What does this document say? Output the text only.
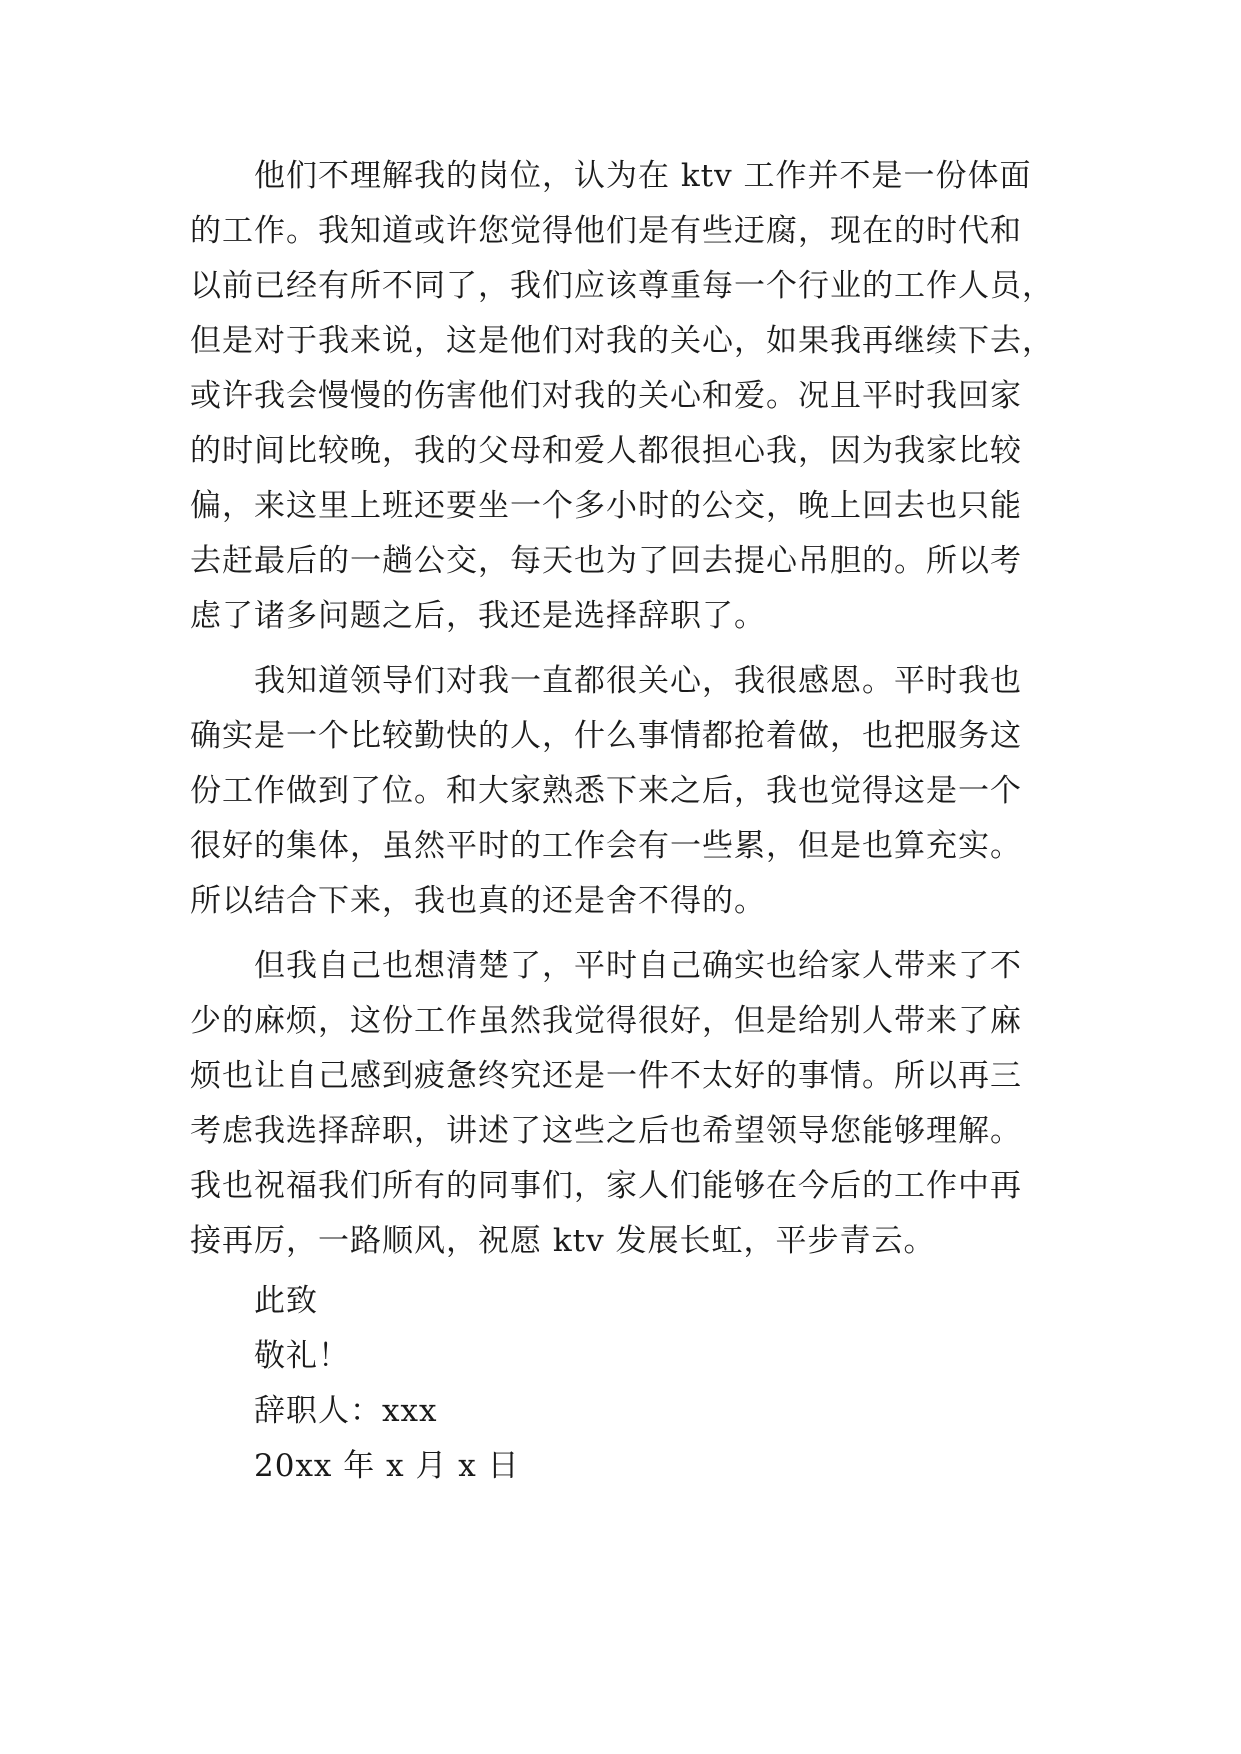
他们不理解我的岗位，认为在 ktv 工作并不是一份体面
的工作。我知道或许您觉得他们是有些迂腐，现在的时代和
以前已经有所不同了，我们应该尊重每一个行业的工作人员，
但是对于我来说，这是他们对我的关心，如果我再继续下去，
或许我会慢慢的伤害他们对我的关心和爱。况且平时我回家
的时间比较晚，我的父母和爱人都很担心我，因为我家比较
偏，来这里上班还要坐一个多小时的公交，晚上回去也只能
去赶最后的一趟公交，每天也为了回去提心吊胆的。所以考
虑了诸多问题之后，我还是选择辞职了。
我知道领导们对我一直都很关心，我很感恩。平时我也
确实是一个比较勤快的人，什么事情都抢着做，也把服务这
份工作做到了位。和大家熟悉下来之后，我也觉得这是一个
很好的集体，虽然平时的工作会有一些累，但是也算充实。
所以结合下来，我也真的还是舍不得的。
但我自己也想清楚了，平时自己确实也给家人带来了不
少的麻烦，这份工作虽然我觉得很好，但是给别人带来了麻
烦也让自己感到疲惫终究还是一件不太好的事情。所以再三
考虑我选择辞职，讲述了这些之后也希望领导您能够理解。
我也祝福我们所有的同事们，家人们能够在今后的工作中再
接再厉，一路顺风，祝愿 ktv 发展长虹，平步青云。
此致
敬礼！
辞职人：xxx
20xx 年 x 月 x 日
